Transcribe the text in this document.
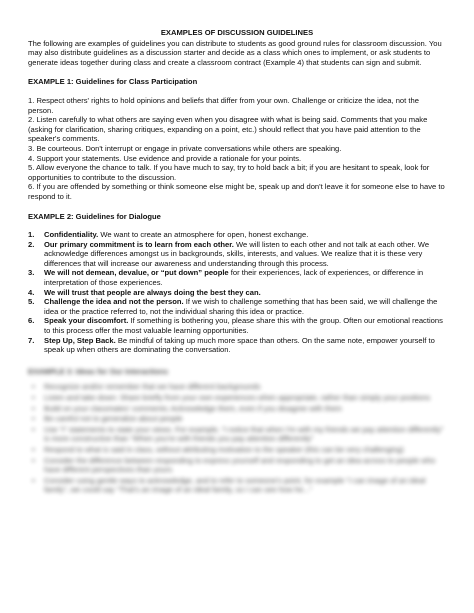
EXAMPLES OF DISCUSSION GUIDELINES

The following are examples of guidelines you can distribute to students as good ground rules for classroom discussion. You may also distribute guidelines as a discussion starter and decide as a class which ones to implement, or ask students to generate ideas together during class and create a classroom contract (Example 4) that students can sign and submit.

EXAMPLE 1: Guidelines for Class Participation

1. Respect others' rights to hold opinions and beliefs that differ from your own. Challenge or criticize the idea, not the person.

2. Listen carefully to what others are saying even when you disagree with what is being said. Comments that you make (asking for clarification, sharing critiques, expanding on a point, etc.) should reflect that you have paid attention to the speaker's comments.

3. Be courteous. Don't interrupt or engage in private conversations while others are speaking.

4. Support your statements. Use evidence and provide a rationale for your points.

5. Allow everyone the chance to talk. If you have much to say, try to hold back a bit; if you are hesitant to speak, look for opportunities to contribute to the discussion.

6. If you are offended by something or think someone else might be, speak up and don't leave it for someone else to have to respond to it.

EXAMPLE 2: Guidelines for Dialogue
1. Confidentiality. We want to create an atmosphere for open, honest exchange.
2. Our primary commitment is to learn from each other. We will listen to each other and not talk at each other. We acknowledge differences amongst us in backgrounds, skills, interests, and values. We realize that it is these very differences that will increase our awareness and understanding through this process.
3. We will not demean, devalue, or “put down” people for their experiences, lack of experiences, or difference in interpretation of those experiences.
4. We will trust that people are always doing the best they can.
5. Challenge the idea and not the person. If we wish to challenge something that has been said, we will challenge the idea or the practice referred to, not the individual sharing this idea or practice.
6. Speak your discomfort. If something is bothering you, please share this with the group. Often our emotional reactions to this process offer the most valuable learning opportunities.
7. Step Up, Step Back. Be mindful of taking up much more space than others. On the same note, empower yourself to speak up when others are dominating the conversation.
EXAMPLE 3: Ideas for Our Interactions
• Recognize and/or remember that we have different backgrounds
• Listen and take down: Share briefly from your own experiences when appropriate, rather than simply your positions
• Build on your classmates' comments; Acknowledge them, even if you disagree with them
• Be careful not to generalize about people
• Use “I” statements to state your views. For example, “I notice that when I'm with my friends we pay attention differently” is more constructive than “When you're with friends you pay attention differently”
• Respond to what is said in class, without attributing motivation to the speaker (this can be very challenging)
• Consider the difference between responding to express yourself and responding to get an idea across to people who have different perspectives than yours
• Consider using gentle ways to acknowledge, and to refer to someone's point, for example “I can image of an ideal family”, we could say “That's an image of an ideal family, so I can see how he...”
